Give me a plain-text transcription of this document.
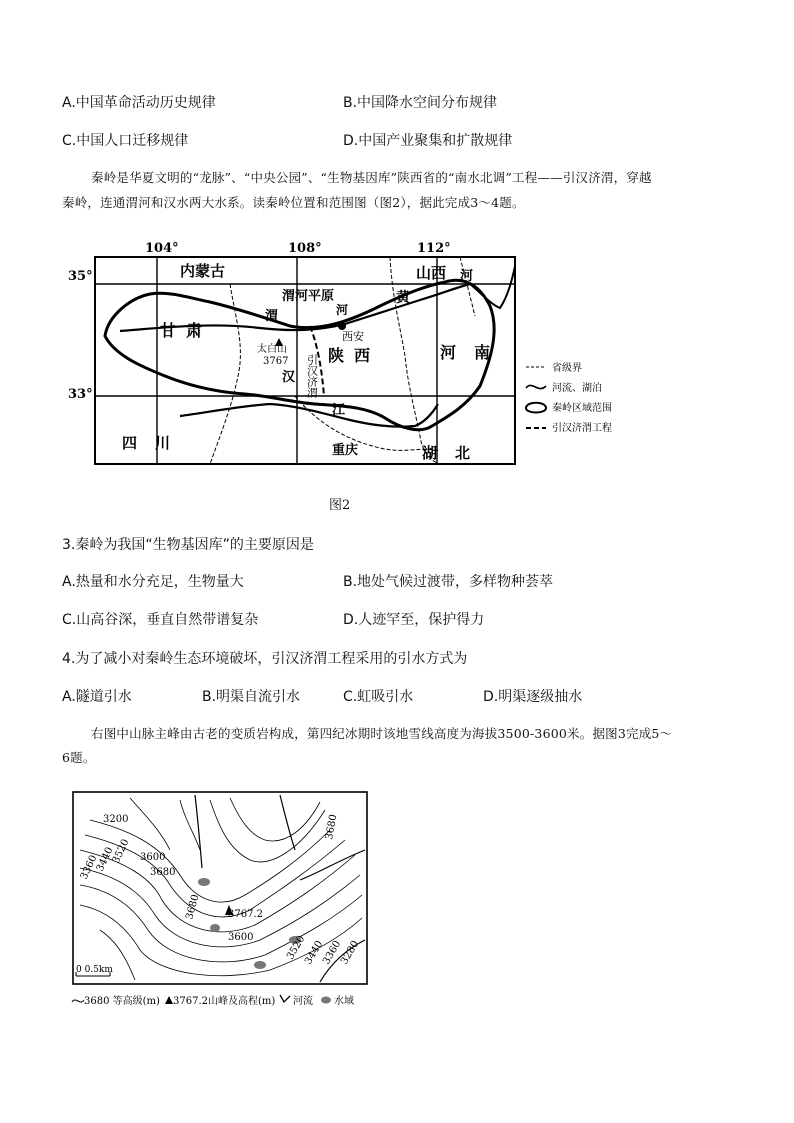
A.中国革命活动历史规律	B.中国降水空间分布规律
C.中国人口迁移规律	D.中国产业聚集和扩散规律
秦岭是华夏文明的“龙脉”、“中央公园”、“生物基因库”陕西省的“南水北调”工程——引汉济渭，穿越
秦岭，连通渭河和汉水两大水系。读秦岭位置和范围图（图2），据此完成3～4题。
104°	108°	112°
35°
33°
内蒙古	山西
甘肃
渭河平原
河
黄
河
渭
西安
陕西	河南
太白山
3767 引汉济渭
汉
江
四川	重庆	湖北
省级界
河流、湖泊
秦岭区域范围
引汉济渭工程
图2
3.秦岭为我国“生物基因库”的主要原因是
A.热量和水分充足，生物量大	B.地处气候过渡带，多样物种荟萃
C.山高谷深，垂直自然带谱复杂	D.人迹罕至，保护得力
4.为了减小对秦岭生态环境破坏，引汉济渭工程采用的引水方式为
A.隧道引水	B.明渠自流引水	C.虹吸引水	D.明渠逐级抽水
右图中山脉主峰由古老的变质岩构成，第四纪冰期时该地雪线高度为海拔3500-3600米。据图3完成5～
6题。
3767.2
3200
3360
3440
3520 3600
3680
3680
3680
3600	3520
3440
3360
3280
0 0.5km
3680 等高级(m) 3767.2山峰及高程(m) 河流 水域
